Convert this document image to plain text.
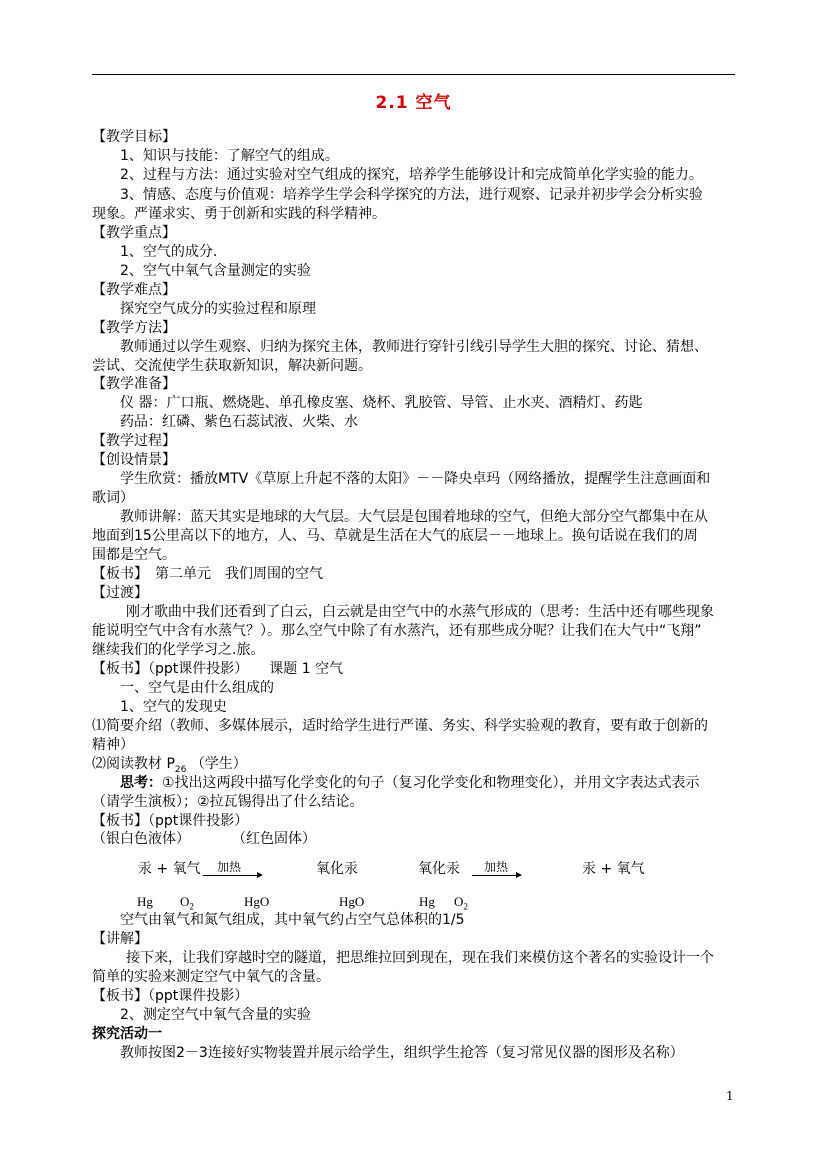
2.1 空气
【教学目标】
1、知识与技能：了解空气的组成。
2、过程与方法：通过实验对空气组成的探究，培养学生能够设计和完成简单化学实验的能力。
3、情感、态度与价值观：培养学生学会科学探究的方法，进行观察、记录并初步学会分析实验
现象。严谨求实、勇于创新和实践的科学精神。
【教学重点】
1、空气的成分.
2、空气中氧气含量测定的实验
【教学难点】
探究空气成分的实验过程和原理
【教学方法】
教师通过以学生观察、归纳为探究主体，教师进行穿针引线引导学生大胆的探究、讨论、猜想、
尝试、交流使学生获取新知识，解决新问题。
【教学准备】
仪 器：广口瓶、燃烧匙、单孔橡皮塞、烧杯、乳胶管、导管、止水夹、酒精灯、药匙
药品：红磷、紫色石蕊试液、火柴、水
【教学过程】
【创设情景】
学生欣赏：播放MTV《草原上升起不落的太阳》－－降央卓玛（网络播放，提醒学生注意画面和
歌词）
教师讲解：蓝天其实是地球的大气层。大气层是包围着地球的空气，但绝大部分空气都集中在从
地面到15公里高以下的地方，人、马、草就是生活在大气的底层－－地球上。换句话说在我们的周
围都是空气。
【板书】　第二单元　我们周围的空气
【过渡】
刚才歌曲中我们还看到了白云，白云就是由空气中的水蒸气形成的（思考：生活中还有哪些现象
能说明空气中含有水蒸气？）。那么空气中除了有水蒸汽，还有那些成分呢？让我们在大气中“飞翔”
继续我们的化学学习之.旅。
【板书】（ppt课件投影）　　课题 1 空气
一、空气是由什么组成的
1、空气的发现史
⑴简要介绍（教师、多媒体展示，适时给学生进行严谨、务实、科学实验观的教育，要有敢于创新的
精神）
⑵阅读教材 $P_{26}$ （学生）
思考：①找出这两段中描写化学变化的句子（复习化学变化和物理变化），并用文字表达式表示
（请学生演板）；②拉瓦锡得出了什么结论。
【板书】（ppt课件投影）
（银白色液体）　　　　（红色固体）
汞 + 氧气 加热	氧化汞	氧化汞 加热	汞 + 氧气
Hg $O_2$	HgO	HgO	Hg $O_2$
空气由氧气和氮气组成，其中氧气约占空气总体积的1/5
【讲解】
接下来，让我们穿越时空的隧道，把思维拉回到现在，现在我们来模仿这个著名的实验设计一个
简单的实验来测定空气中氧气的含量。
【板书】（ppt课件投影）
2、测定空气中氧气含量的实验
探究活动一
教师按图2－3连接好实物装置并展示给学生，组织学生抢答（复习常见仪器的图形及名称）
1
